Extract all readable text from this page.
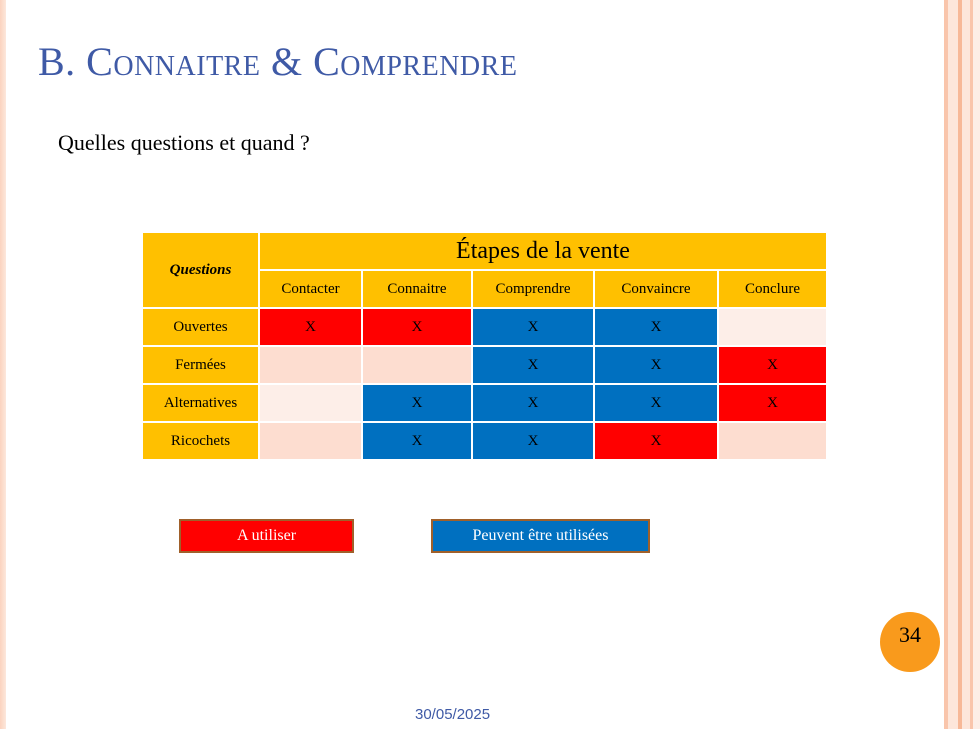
B. Connaitre & Comprendre
Quelles questions et quand ?
Questions	Étapes de la vente				
	Contacter	Connaitre	Comprendre	Convaincre	Conclure
Ouvertes	X	X	X	X	
Fermées			X	X	X
Alternatives		X	X	X	X
Ricochets		X	X	X	
A utiliser	Peuvent être utilisées
34
30/05/2025
